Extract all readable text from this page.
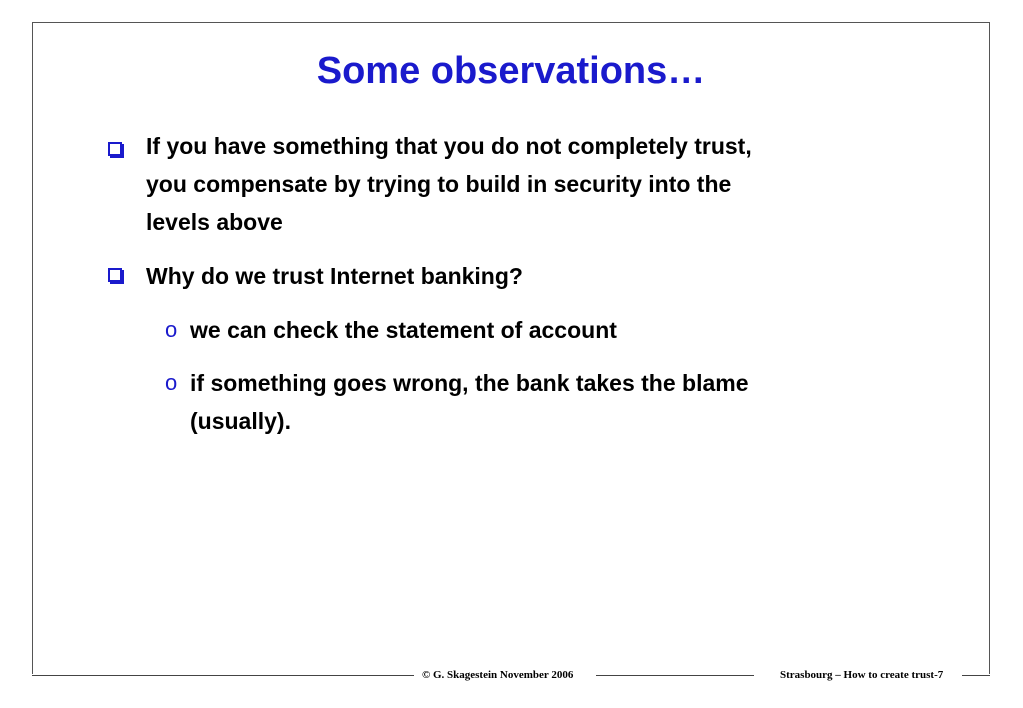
Some observations…
If you have something that you do not completely trust,
you compensate by trying to build in security into the
levels above
Why do we trust Internet banking?
o we can check the statement of account
o if something goes wrong, the bank takes the blame
(usually).
© G. Skagestein November 2006	Strasbourg – How to create trust-7
